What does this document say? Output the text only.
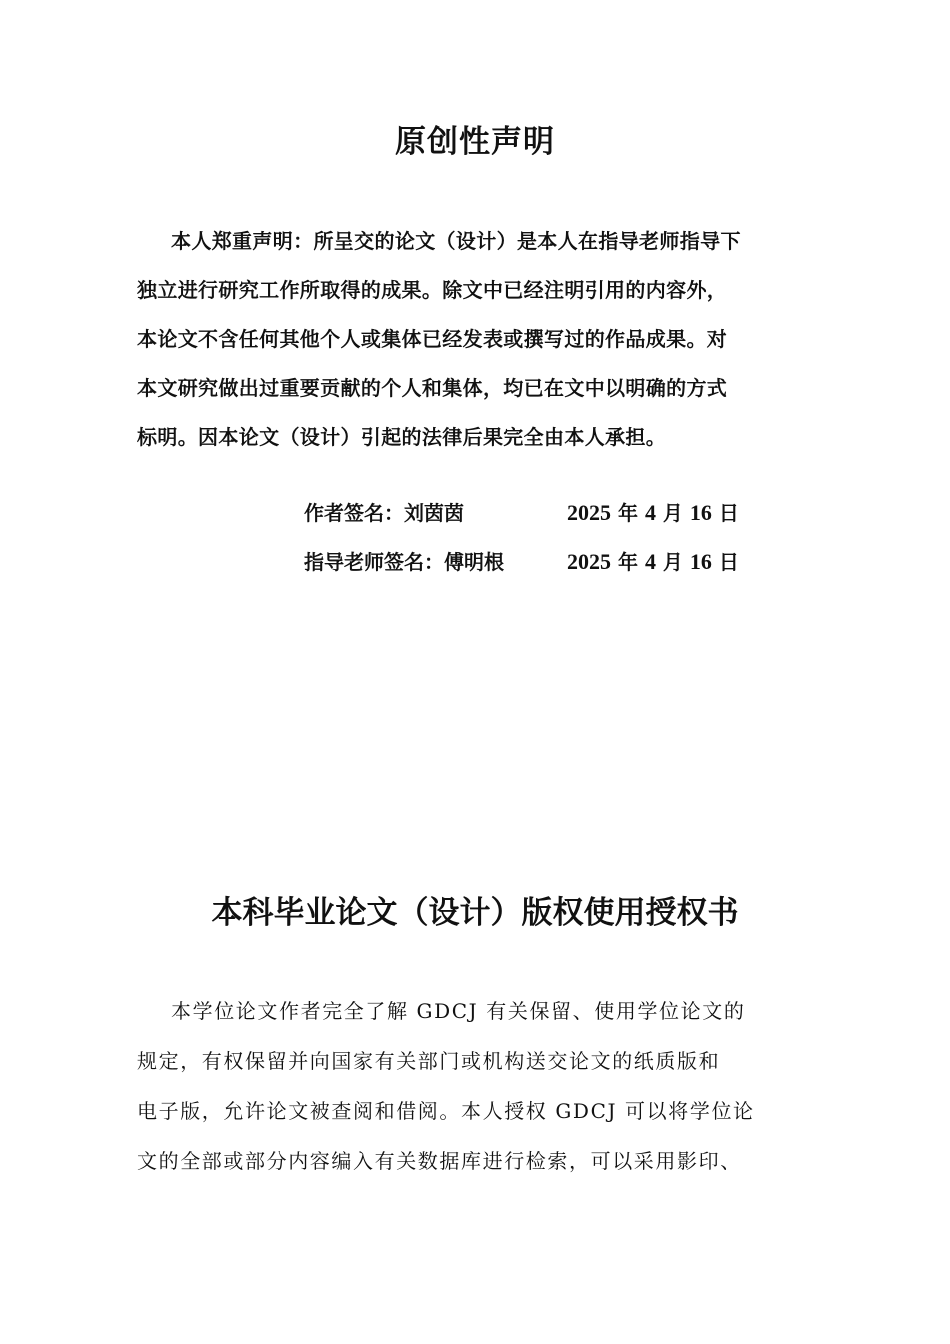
原创性声明

本人郑重声明：所呈交的论文（设计）是本人在指导老师指导下

独立进行研究工作所取得的成果。除文中已经注明引用的内容外，

本论文不含任何其他个人或集体已经发表或撰写过的作品成果。对

本文研究做出过重要贡献的个人和集体，均已在文中以明确的方式

标明。因本论文（设计）引起的法律后果完全由本人承担。

作者签名：刘茵茵	2025 年 4 月 16 日
指导老师签名：傅明根	2025 年 4 月 16 日
本科毕业论文（设计）版权使用授权书

本学位论文作者完全了解 GDCJ 有关保留、使用学位论文的

规定，有权保留并向国家有关部门或机构送交论文的纸质版和

电子版，允许论文被查阅和借阅。本人授权 GDCJ 可以将学位论

文的全部或部分内容编入有关数据库进行检索，可以采用影印、
